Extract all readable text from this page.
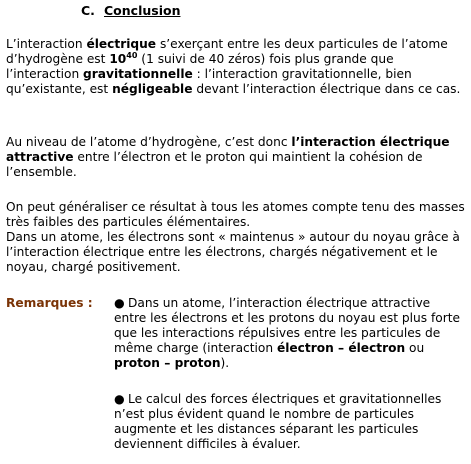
C. Conclusion

L’interaction électrique s’exerçant entre les deux particules de l’atome d’hydrogène est $10^{40}$ (1 suivi de 40 zéros) fois plus grande que l’interaction gravitationnelle : l’interaction gravitationnelle, bien qu’existante, est négligeable devant l’interaction électrique dans ce cas.

Au niveau de l’atome d’hydrogène, c’est donc l’interaction électrique attractive entre l’électron et le proton qui maintient la cohésion de l’ensemble.

On peut généraliser ce résultat à tous les atomes compte tenu des masses très faibles des particules élémentaires.
Dans un atome, les électrons sont « maintenus » autour du noyau grâce à l’interaction électrique entre les électrons, chargés négativement et le noyau, chargé positivement.
Remarques : ● Dans un atome, l’interaction électrique attractive entre les électrons et les protons du noyau est plus forte que les interactions répulsives entre les particules de même charge (interaction électron – électron ou proton – proton).

● Le calcul des forces électriques et gravitationnelles n’est plus évident quand le nombre de particules augmente et les distances séparant les particules deviennent difficiles à évaluer.
